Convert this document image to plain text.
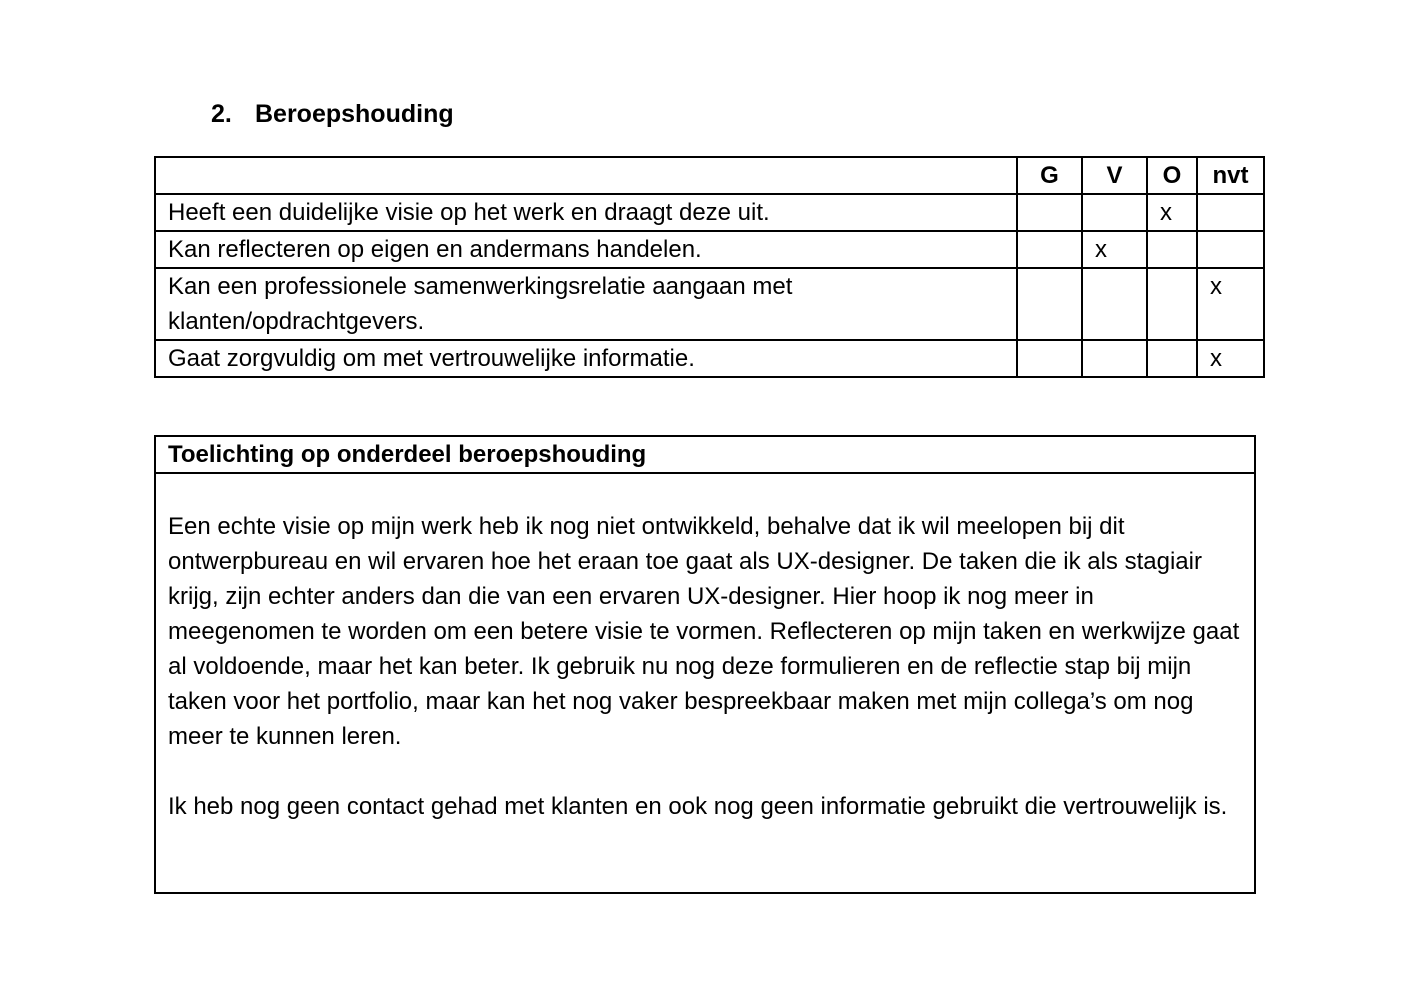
2. Beroepshouding
	G	V	O	nvt
Heeft een duidelijke visie op het werk en draagt deze uit.			x	
Kan reflecteren op eigen en andermans handelen.		x		
Kan een professionele samenwerkingsrelatie aangaan met klanten/opdrachtgevers.				x
Gaat zorgvuldig om met vertrouwelijke informatie.				x
Toelichting op onderdeel beroepshouding

Een echte visie op mijn werk heb ik nog niet ontwikkeld, behalve dat ik wil meelopen bij dit ontwerpbureau en wil ervaren hoe het eraan toe gaat als UX-designer. De taken die ik als stagiair krijg, zijn echter anders dan die van een ervaren UX-designer. Hier hoop ik nog meer in meegenomen te worden om een betere visie te vormen. Reflecteren op mijn taken en werkwijze gaat al voldoende, maar het kan beter. Ik gebruik nu nog deze formulieren en de reflectie stap bij mijn taken voor het portfolio, maar kan het nog vaker bespreekbaar maken met mijn collega’s om nog meer te kunnen leren.

Ik heb nog geen contact gehad met klanten en ook nog geen informatie gebruikt die vertrouwelijk is.
